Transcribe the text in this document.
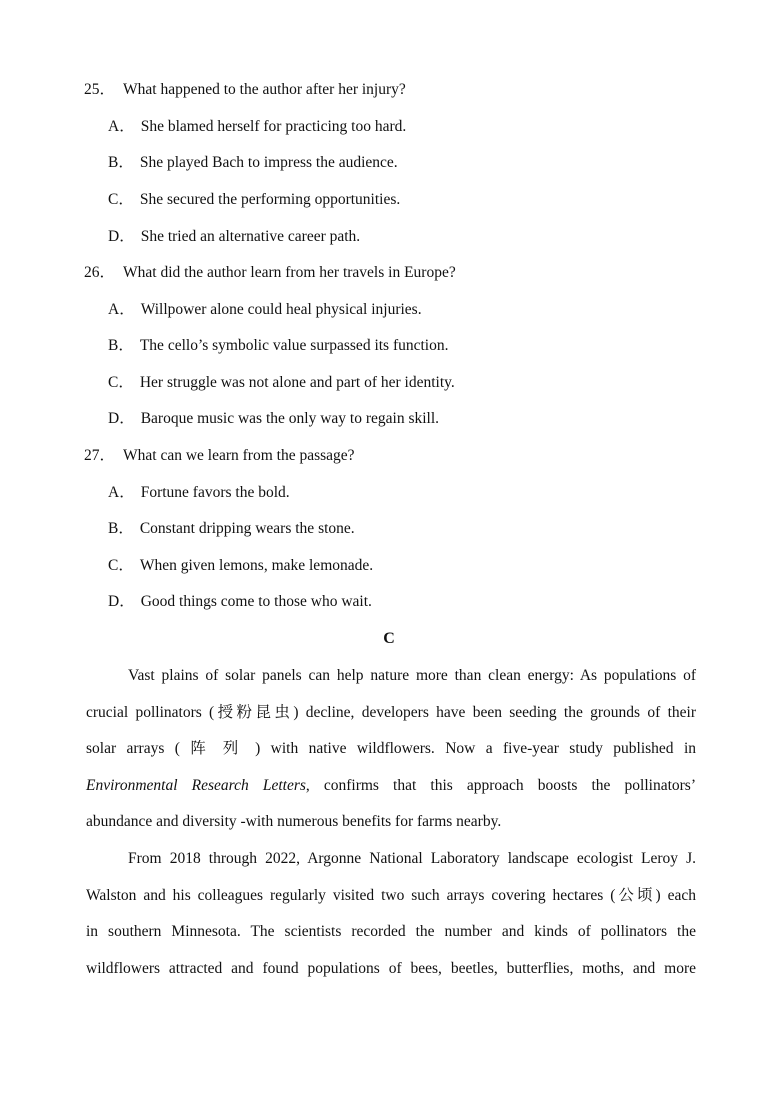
25． What happened to the author after her injury?
A． She blamed herself for practicing too hard.
B． She played Bach to impress the audience.
C． She secured the performing opportunities.
D． She tried an alternative career path.
26． What did the author learn from her travels in Europe?
A． Willpower alone could heal physical injuries.
B． The cello’s symbolic value surpassed its function.
C． Her struggle was not alone and part of her identity.
D． Baroque music was the only way to regain skill.
27． What can we learn from the passage?
A． Fortune favors the bold.
B． Constant dripping wears the stone.
C． When given lemons, make lemonade.
D． Good things come to those who wait.
C
Vast plains of solar panels can help nature more than clean energy: As populations of
crucial pollinators (授粉昆虫) decline, developers have been seeding the grounds of their
solar arrays ( 阵 列 ) with native wildflowers. Now a five-year study published in
Environmental Research Letters, confirms that this approach boosts the pollinators’
abundance and diversity -with numerous benefits for farms nearby.
From 2018 through 2022, Argonne National Laboratory landscape ecologist Leroy J.
Walston and his colleagues regularly visited two such arrays covering hectares (公顷) each
in southern Minnesota. The scientists recorded the number and kinds of pollinators the
wildflowers attracted and found populations of bees, beetles, butterflies, moths, and more
